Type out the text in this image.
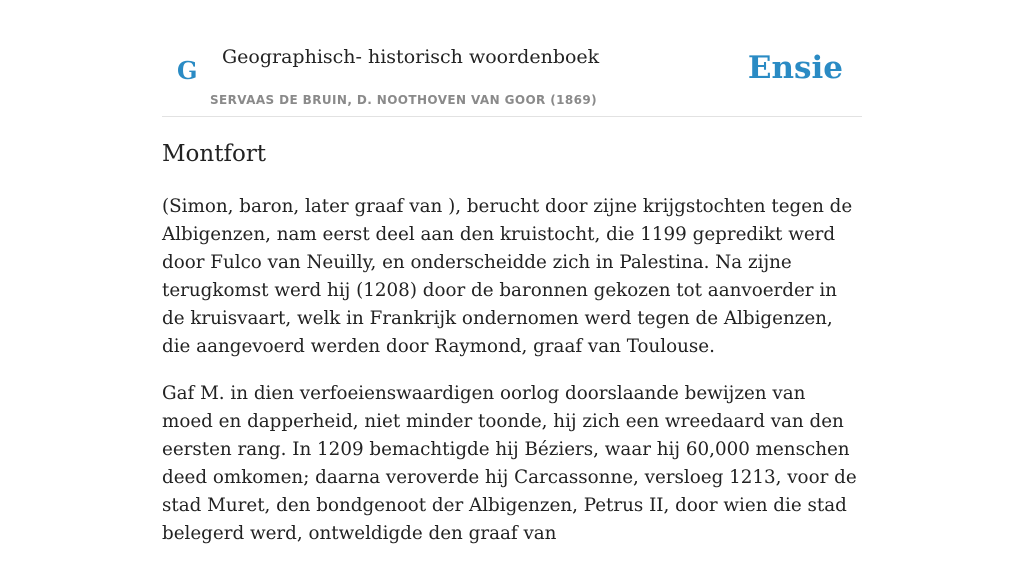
G Geographisch- historisch woordenboek
SERVAAS DE BRUIN, D. NOOTHOVEN VAN GOOR (1869)
Ensie
Montfort

(Simon, baron, later graaf van ), berucht door zijne krijgstochten tegen de Albigenzen, nam eerst deel aan den kruistocht, die 1199 gepredikt werd door Fulco van Neuilly, en onderscheidde zich in Palestina. Na zijne terugkomst werd hij (1208) door de baronnen gekozen tot aanvoerder in de kruisvaart, welk in Frankrijk ondernomen werd tegen de Albigenzen, die aangevoerd werden door Raymond, graaf van Toulouse.

Gaf M. in dien verfoeienswaardigen oorlog doorslaande bewijzen van moed en dapperheid, niet minder toonde, hij zich een wreedaard van den eersten rang. In 1209 bemachtigde hij Béziers, waar hij 60,000 menschen deed omkomen; daarna veroverde hij Carcassonne, versloeg 1213, voor de stad Muret, den bondgenoot der Albigenzen, Petrus II, door wien die stad belegerd werd, ontweldigde den graaf van
